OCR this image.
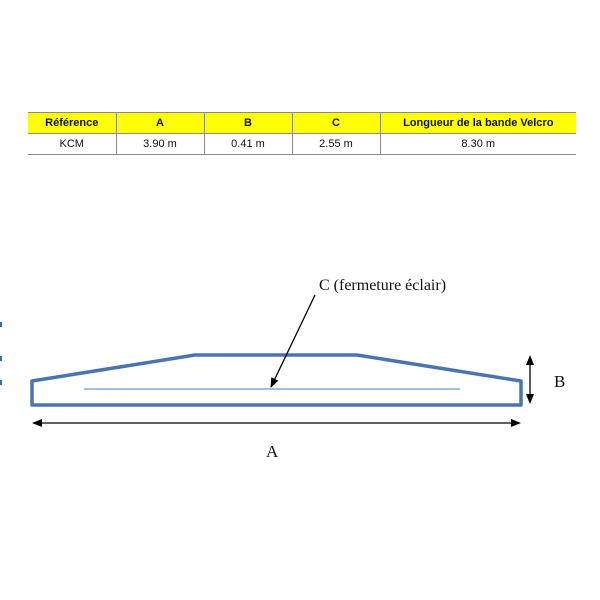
Référence	A	B	C	Longueur de la bande Velcro
KCM	3.90 m	0.41 m	2.55 m	8.30 m
C (fermeture éclair)
A
B
